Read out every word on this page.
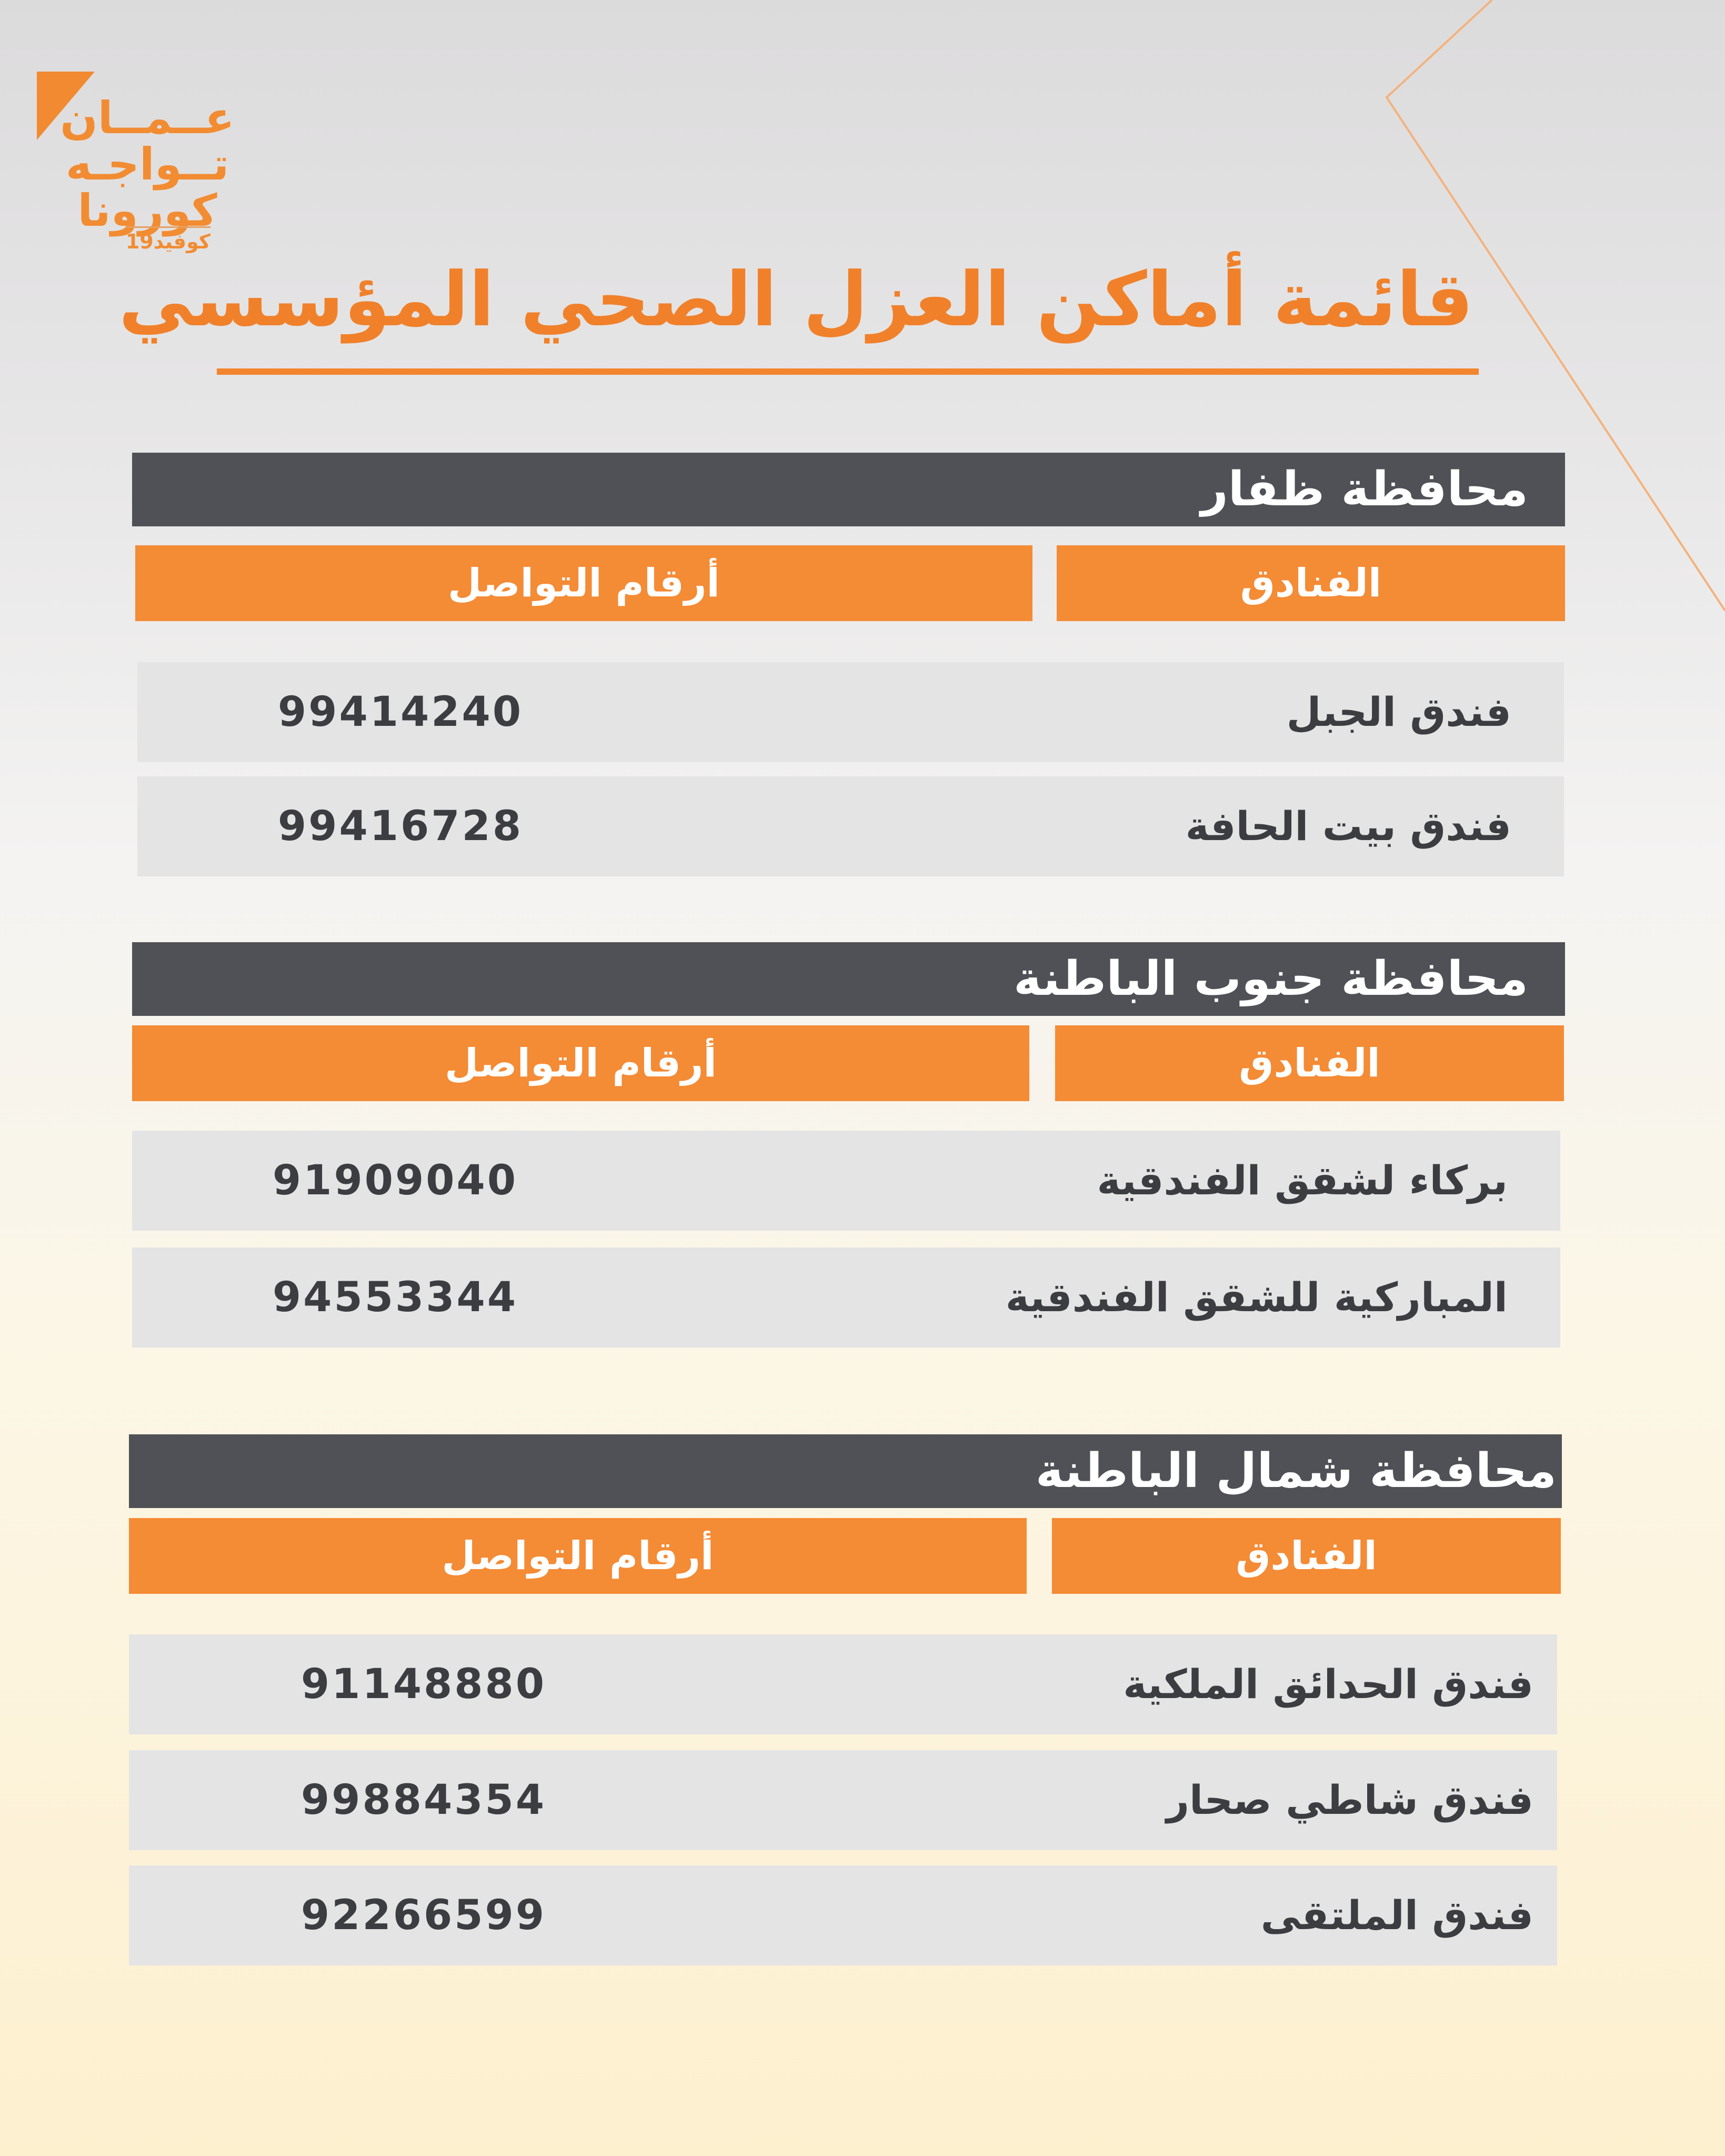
عــمــان
تــواجـه
كورونا
كوفيد19
قائمة أماكن العزل الصحي المؤسسي
محافظة ظفار
الفنادق
أرقام التواصل
فندق الجبل
99414240
فندق بيت الحافة
99416728
محافظة جنوب الباطنة
الفنادق
أرقام التواصل
بركاء لشقق الفندقية
91909040
المباركية للشقق الفندقية
94553344
محافظة شمال الباطنة
الفنادق
أرقام التواصل
فندق الحدائق الملكية
91148880
فندق شاطي صحار
99884354
فندق الملتقى
92266599
